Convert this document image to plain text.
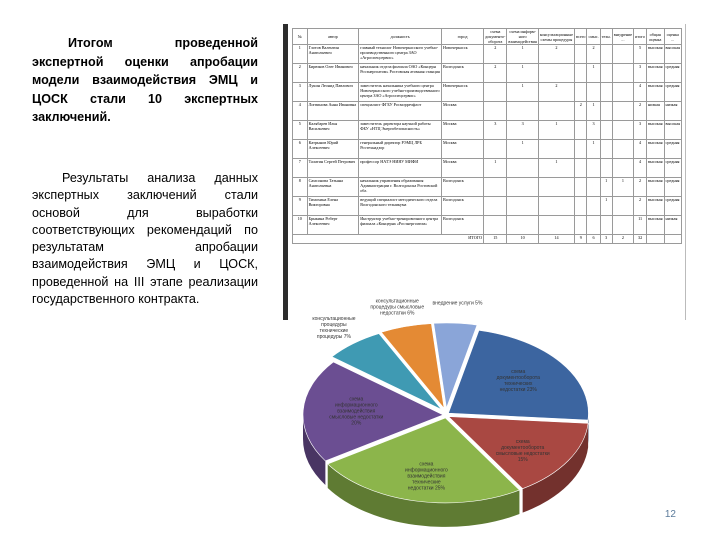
Итогом проведенной экспертной оценки апробации модели взаимодействия ЭМЦ и ЦОСК стали 10 экспертных заключений.
Результаты анализа данных экспертных заключений стали основой для выработки соответствующих рекомендаций по результатам апробации взаимодействия ЭМЦ и ЦОСК, проведенной на III этапе реализации государственного контракта.
№	автор	должность	город	схема документо-оборота	схема информ-ного взаимодействия	консультационные схемы процедуры	всего	смыс.	техн.	внедрение ...	итого	общая оценка	оценка ...
1	Глотов Валентин Анатольевич	главный технолог Новочеркасского учебно-производственного центра ЗАО «Агроспецсервис»	Новочеркасск	2	1	2		2			5	высокая	высокая
2	Бирюков Олег Иванович	начальник отдела филиала ОАО «Концерн Росэнергоатом» Ростовская атомная станция	Волгодонск	2	1			1			3	высокая	средняя
3	Лукин Леонид Павлович	заместитель начальника учебного центра Новочеркасского учебно-производственного центра ЗАО «Агроспецсервис»	Новочеркасск		1	2					4	высокая	средняя
4	Логвинова Анна Ивановна	специалист ФГБУ Росморречфлот	Москва				2	1			2	низкая	низкая
5	Калябарев Илья Васильевич	заместитель директора научной работы ФБУ «НТЦ Энергобезопасность»	Москва	3	3	1		3			3	высокая	высокая
6	Катрынов Юрий Алексеевич	генеральный директор РЭМЦ ЛРБ Ростехнадзор	Москва		1			1			4	высокая	средняя
7	Талатин Сергей Петрович	профессор НАТЭ НИЯУ МИФИ	Москва	1		1					4	высокая	средняя
8	Самсонова Татьяна Анатольевна	начальник управления образования Администрации г. Волгодонска Ростовской обл.	Волгодонск						1	1	2	высокая	средняя
9	Тимохина Елена Викторовна	ведущий специалист методического отдела Волгодонского техникума	Волгодонск						1		2	высокая	средняя
10	Брыкина Роберт Алексеевич	Инструктор учебно-тренировочного центра филиала «Концерна «Росэнергоатом»	Волгодонск								11	высокая	низкая
ИТОГО				15	10	14	9	6	3	2	32		
схема документооборота технических недостатки 23%
схема документооборота смысловые недостатки 15%
схема информационного взаимодействия технические недостатки 25%
схема информационного взаимодействия смысловые недостатки 20%
консультационные процедуры технические процедуры 7%
консультационные процедуры смысловые недостатки 6%
внедрение услуги 5%
12
